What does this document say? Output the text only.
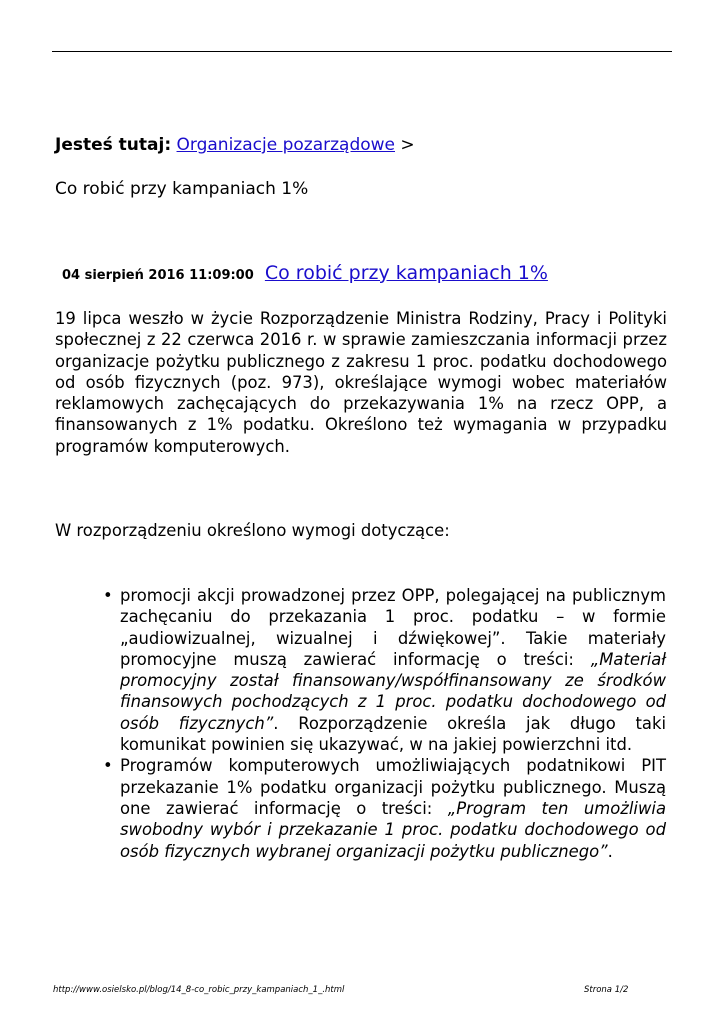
Jesteś tutaj: Organizacje pozarządowe >
Co robić przy kampaniach 1%
04 sierpień 2016 11:09:00 Co robić przy kampaniach 1%

19 lipca weszło w życie Rozporządzenie Ministra Rodziny, Pracy i Polityki społecznej z 22 czerwca 2016 r. w sprawie zamieszczania informacji przez organizacje pożytku publicznego z zakresu 1 proc. podatku dochodowego od osób fizycznych (poz. 973), określające wymogi wobec materiałów reklamowych zachęcających do przekazywania 1% na rzecz OPP, a finansowanych z 1% podatku. Określono też wymagania w przypadku programów komputerowych.

W rozporządzeniu określono wymogi dotyczące:
• promocji akcji prowadzonej przez OPP, polegającej na publicznym zachęcaniu do przekazania 1 proc. podatku – w formie „audiowizualnej, wizualnej i dźwiękowej”. Takie materiały promocyjne muszą zawierać informację o treści: „Materiał promocyjny został finansowany/współfinansowany ze środków finansowych pochodzących z 1 proc. podatku dochodowego od osób fizycznych”. Rozporządzenie określa jak długo taki komunikat powinien się ukazywać, w na jakiej powierzchni itd.
• Programów komputerowych umożliwiających podatnikowi PIT przekazanie 1% podatku organizacji pożytku publicznego. Muszą one zawierać informację o treści: „Program ten umożliwia swobodny wybór i przekazanie 1 proc. podatku dochodowego od osób fizycznych wybranej organizacji pożytku publicznego”.
http://www.osielsko.pl/blog/14_8-co_robic_przy_kampaniach_1_.html	Strona 1/2
